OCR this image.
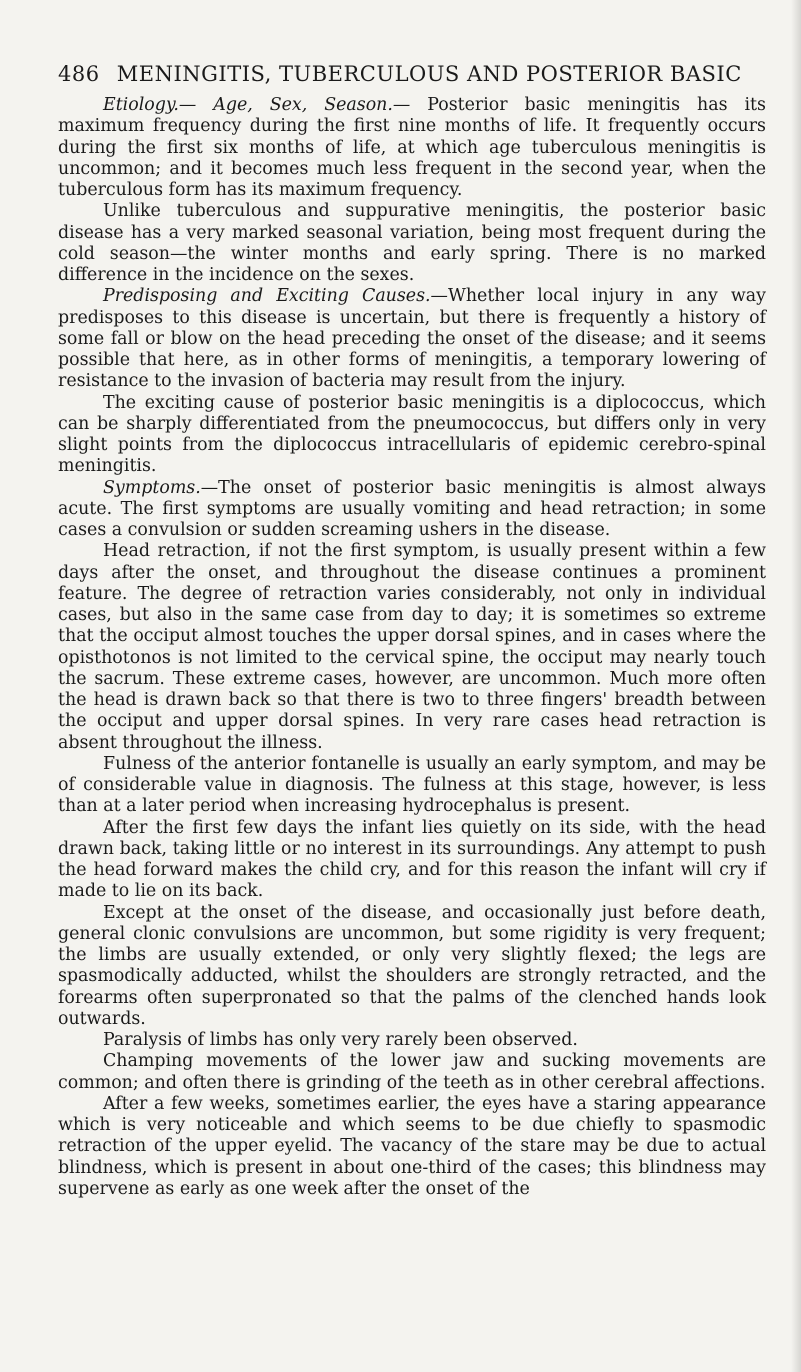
486 MENINGITIS, TUBERCULOUS AND POSTERIOR BASIC

Etiology.— Age, Sex, Season.— Posterior basic meningitis has its maximum frequency during the first nine months of life. It frequently occurs during the first six months of life, at which age tuberculous meningitis is uncommon; and it becomes much less frequent in the second year, when the tuberculous form has its maximum frequency.

Unlike tuberculous and suppurative meningitis, the posterior basic disease has a very marked seasonal variation, being most frequent during the cold season—the winter months and early spring. There is no marked difference in the incidence on the sexes.

Predisposing and Exciting Causes.—Whether local injury in any way predisposes to this disease is uncertain, but there is frequently a history of some fall or blow on the head preceding the onset of the disease; and it seems possible that here, as in other forms of meningitis, a temporary lowering of resistance to the invasion of bacteria may result from the injury.

The exciting cause of posterior basic meningitis is a diplococcus, which can be sharply differentiated from the pneumococcus, but differs only in very slight points from the diplococcus intracellularis of epidemic cerebro-spinal meningitis.

Symptoms.—The onset of posterior basic meningitis is almost always acute. The first symptoms are usually vomiting and head retraction; in some cases a convulsion or sudden screaming ushers in the disease.

Head retraction, if not the first symptom, is usually present within a few days after the onset, and throughout the disease continues a prominent feature. The degree of retraction varies considerably, not only in individual cases, but also in the same case from day to day; it is sometimes so extreme that the occiput almost touches the upper dorsal spines, and in cases where the opisthotonos is not limited to the cervical spine, the occiput may nearly touch the sacrum. These extreme cases, however, are uncommon. Much more often the head is drawn back so that there is two to three fingers' breadth between the occiput and upper dorsal spines. In very rare cases head retraction is absent throughout the illness.

Fulness of the anterior fontanelle is usually an early symptom, and may be of considerable value in diagnosis. The fulness at this stage, however, is less than at a later period when increasing hydrocephalus is present.

After the first few days the infant lies quietly on its side, with the head drawn back, taking little or no interest in its surroundings. Any attempt to push the head forward makes the child cry, and for this reason the infant will cry if made to lie on its back.

Except at the onset of the disease, and occasionally just before death, general clonic convulsions are uncommon, but some rigidity is very frequent; the limbs are usually extended, or only very slightly flexed; the legs are spasmodically adducted, whilst the shoulders are strongly retracted, and the forearms often superpronated so that the palms of the clenched hands look outwards.

Paralysis of limbs has only very rarely been observed.

Champing movements of the lower jaw and sucking movements are common; and often there is grinding of the teeth as in other cerebral affections.

After a few weeks, sometimes earlier, the eyes have a staring appearance which is very noticeable and which seems to be due chiefly to spasmodic retraction of the upper eyelid. The vacancy of the stare may be due to actual blindness, which is present in about one-third of the cases; this blindness may supervene as early as one week after the onset of the
